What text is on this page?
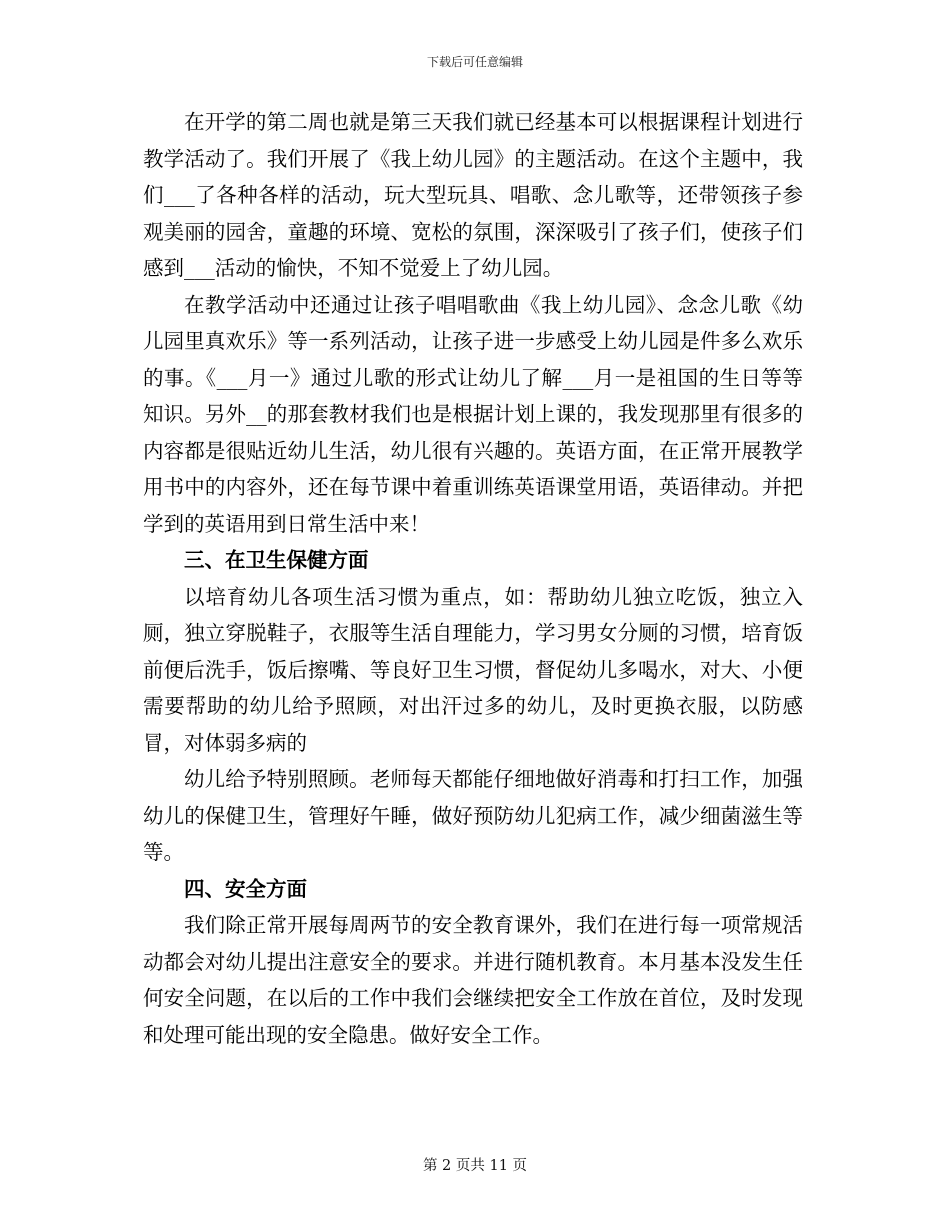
下载后可任意编辑

在开学的第二周也就是第三天我们就已经基本可以根据课程计划进行教学活动了。我们开展了《我上幼儿园》的主题活动。在这个主题中，我们___了各种各样的活动，玩大型玩具、唱歌、念儿歌等，还带领孩子参观美丽的园舍，童趣的环境、宽松的氛围，深深吸引了孩子们，使孩子们感到___活动的愉快，不知不觉爱上了幼儿园。

在教学活动中还通过让孩子唱唱歌曲《我上幼儿园》、念念儿歌《幼儿园里真欢乐》等一系列活动，让孩子进一步感受上幼儿园是件多么欢乐的事。《___月一》通过儿歌的形式让幼儿了解___月一是祖国的生日等等知识。另外__的那套教材我们也是根据计划上课的，我发现那里有很多的内容都是很贴近幼儿生活，幼儿很有兴趣的。英语方面，在正常开展教学用书中的内容外，还在每节课中着重训练英语课堂用语，英语律动。并把学到的英语用到日常生活中来！

三、在卫生保健方面

以培育幼儿各项生活习惯为重点，如：帮助幼儿独立吃饭，独立入厕，独立穿脱鞋子，衣服等生活自理能力，学习男女分厕的习惯，培育饭前便后洗手，饭后擦嘴、等良好卫生习惯，督促幼儿多喝水，对大、小便需要帮助的幼儿给予照顾，对出汗过多的幼儿，及时更换衣服，以防感冒，对体弱多病的

幼儿给予特别照顾。老师每天都能仔细地做好消毒和打扫工作，加强幼儿的保健卫生，管理好午睡，做好预防幼儿犯病工作，减少细菌滋生等等。

四、安全方面

我们除正常开展每周两节的安全教育课外，我们在进行每一项常规活动都会对幼儿提出注意安全的要求。并进行随机教育。本月基本没发生任何安全问题，在以后的工作中我们会继续把安全工作放在首位，及时发现和处理可能出现的安全隐患。做好安全工作。

第 2 页共 11 页
